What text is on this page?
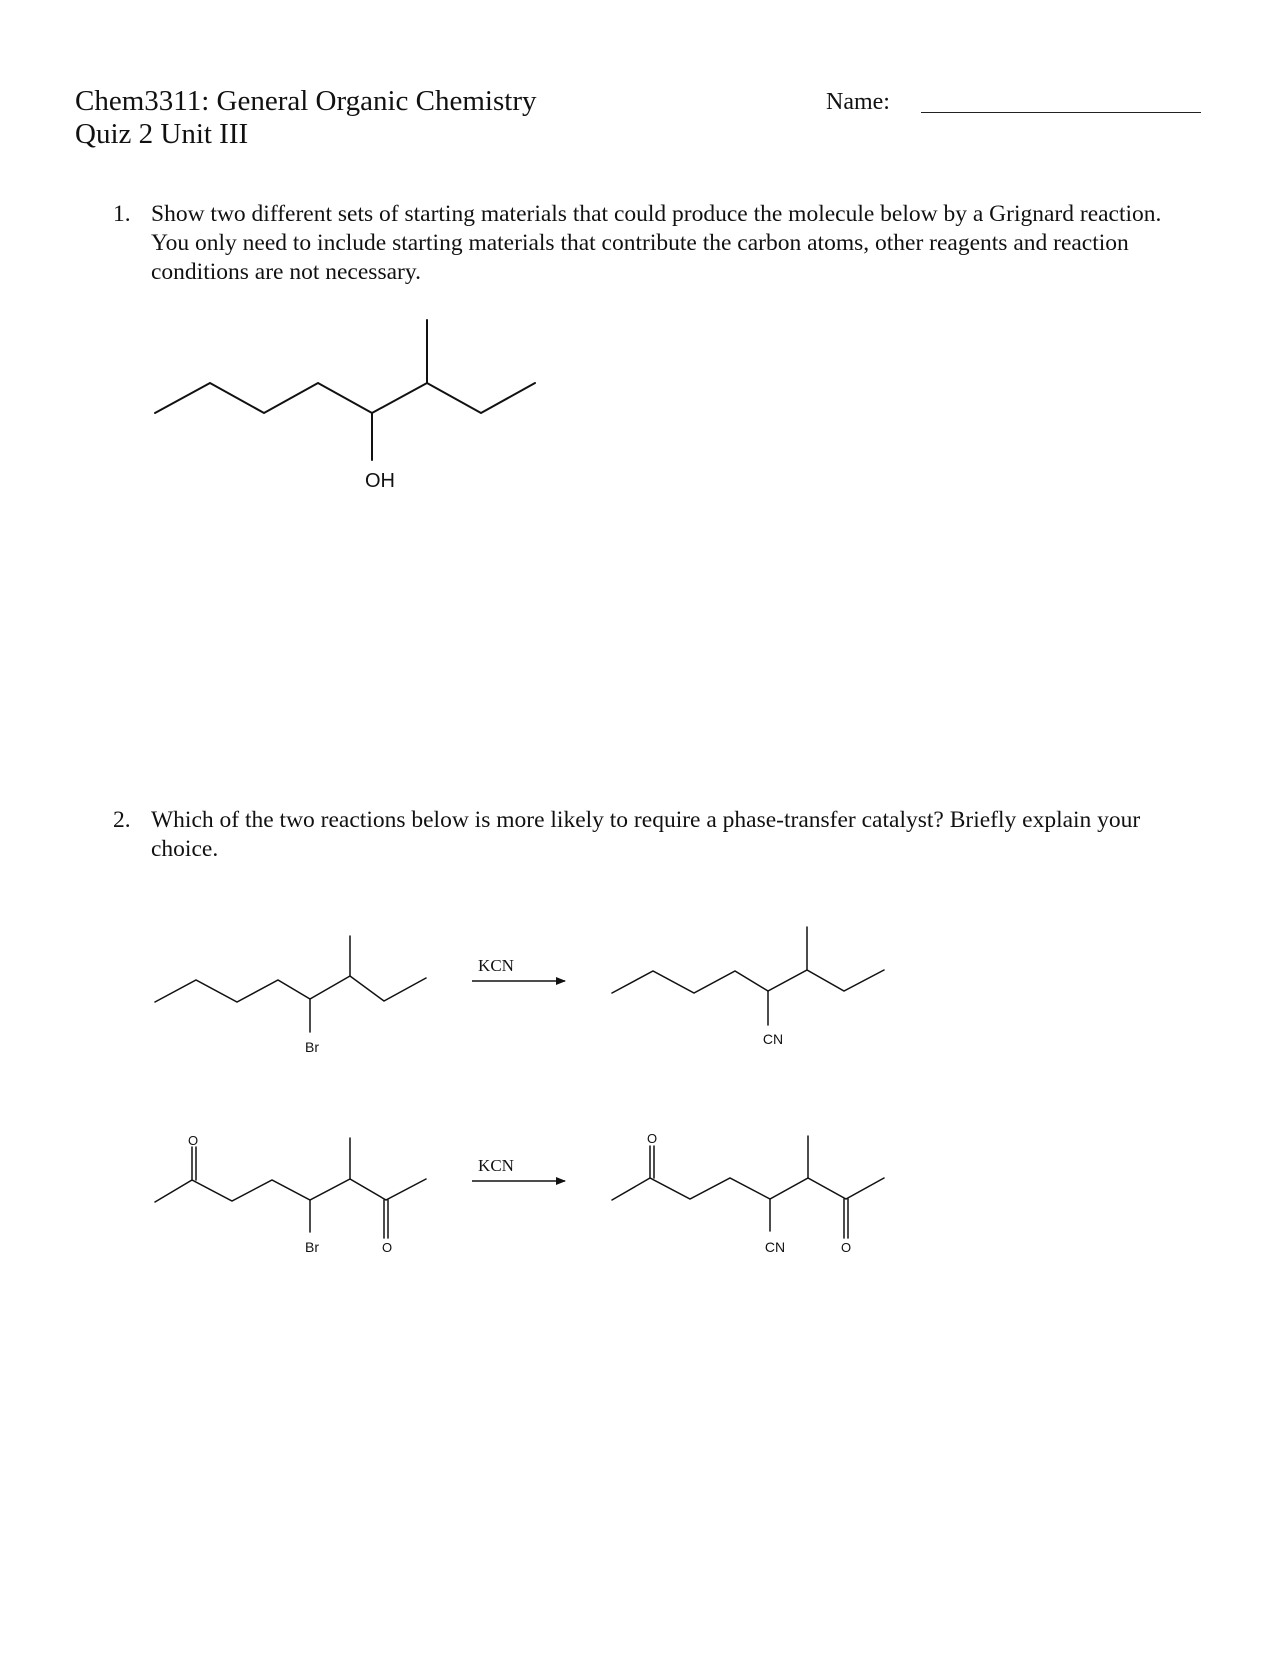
Chem3311: General Organic Chemistry
Quiz 2 Unit III
Name:
1. Show two different sets of starting materials that could produce the molecule below by a Grignard reaction. You only need to include starting materials that contribute the carbon atoms, other reagents and reaction conditions are not necessary.
2. Which of the two reactions below is more likely to require a phase-transfer catalyst? Briefly explain your choice.
OH
Br
KCN
CN
O
Br	O
KCN
O
CN	O
